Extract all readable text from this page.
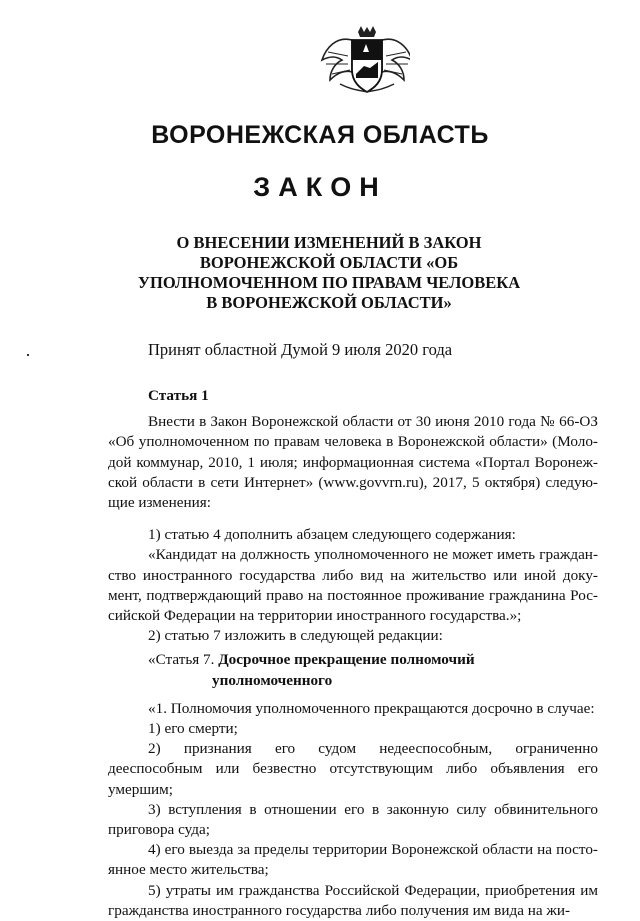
ВОРОНЕЖСКАЯ ОБЛАСТЬ
ЗАКОН
О ВНЕСЕНИИ ИЗМЕНЕНИЙ В ЗАКОН
ВОРОНЕЖСКОЙ ОБЛАСТИ «ОБ
УПОЛНОМОЧЕННОМ ПО ПРАВАМ ЧЕЛОВЕКА
В ВОРОНЕЖСКОЙ ОБЛАСТИ»

Принят областной Думой 9 июля 2020 года

Статья 1

Внести в Закон Воронежской области от 30 июня 2010 года № 66-ОЗ «Об уполномоченном по правам человека в Воронежской области» (Моло-дой коммунар, 2010, 1 июля; информационная система «Портал Воронеж-ской области в сети Интернет» (www.govvrn.ru), 2017, 5 октября) следую-щие изменения:

1) статью 4 дополнить абзацем следующего содержания:

«Кандидат на должность уполномоченного не может иметь граждан-ство иностранного государства либо вид на жительство или иной доку-мент, подтверждающий право на постоянное проживание гражданина Рос-сийской Федерации на территории иностранного государства.»;

2) статью 7 изложить в следующей редакции:

«Статья 7. Досрочное прекращение полномочий
уполномоченного

«1. Полномочия уполномоченного прекращаются досрочно в случае:

1) его смерти;

2) признания его судом недееспособным, ограниченно дееспособным или безвестно отсутствующим либо объявления его умершим;

3) вступления в отношении его в законную силу обвинительного приговора суда;

4) его выезда за пределы территории Воронежской области на посто-янное место жительства;

5) утраты им гражданства Российской Федерации, приобретения им гражданства иностранного государства либо получения им вида на жи-
